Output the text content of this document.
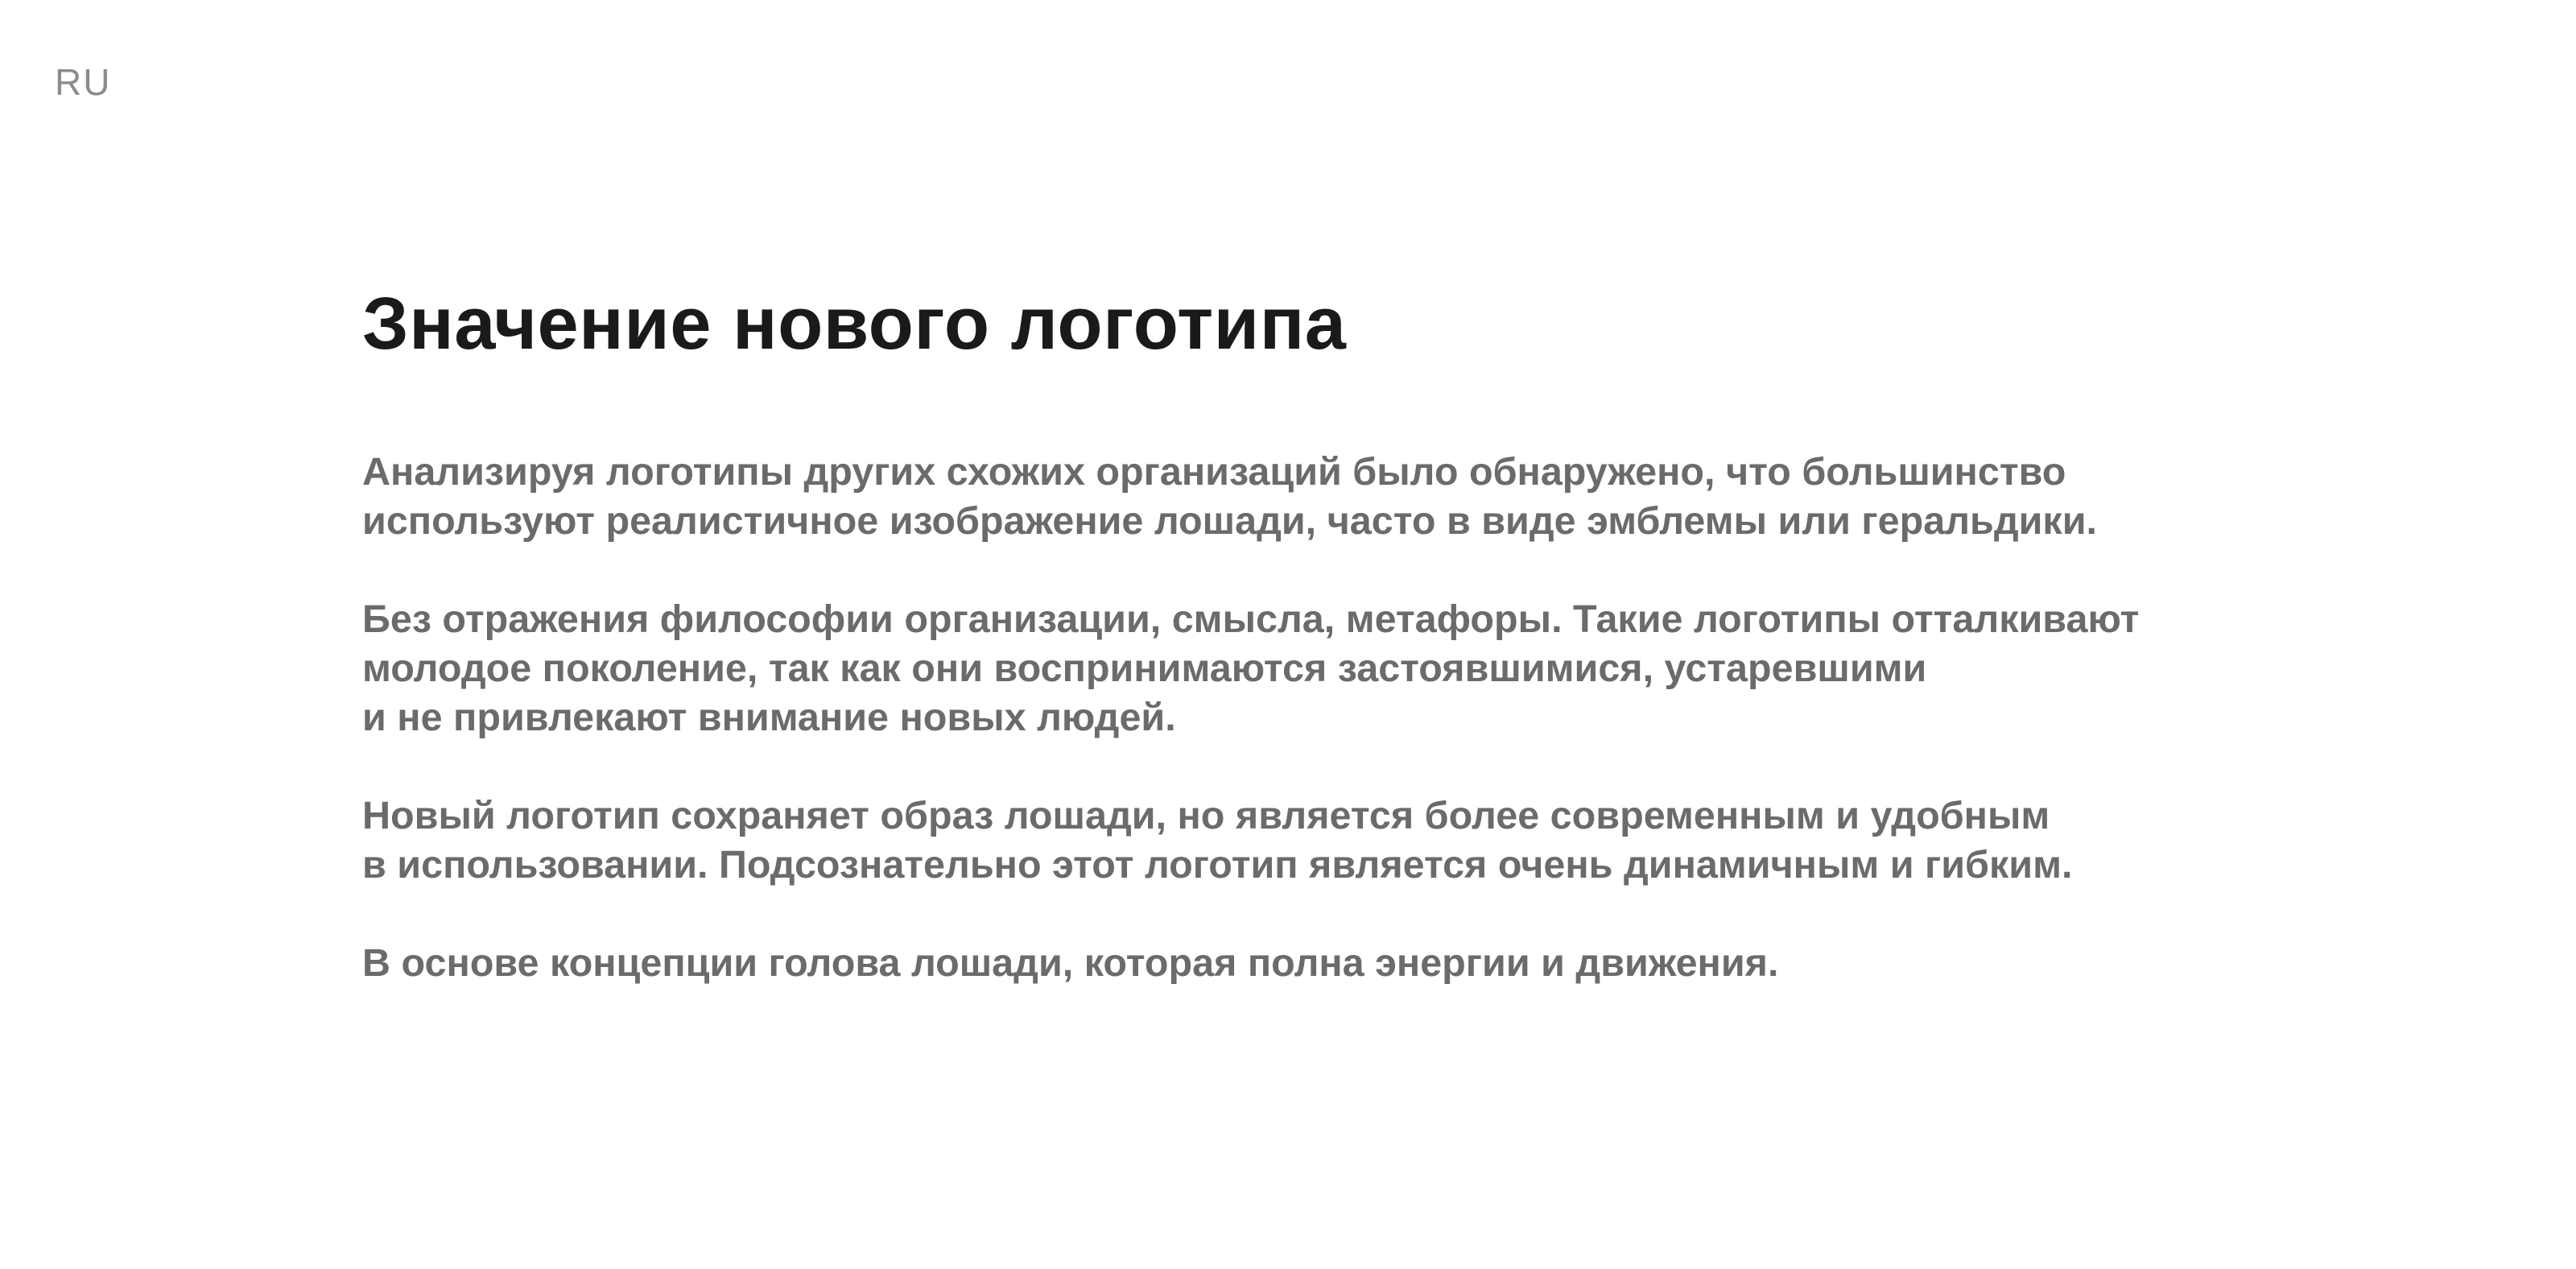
RU
Значение нового логотипа

Анализируя логотипы других схожих организаций было обнаружено, что большинство
используют реалистичное изображение лошади, часто в виде эмблемы или геральдики.

Без отражения философии организации, смысла, метафоры. Такие логотипы отталкивают
молодое поколение, так как они воспринимаются застоявшимися, устаревшими
и не привлекают внимание новых людей.

Новый логотип сохраняет образ лошади, но является более современным и удобным
в использовании. Подсознательно этот логотип является очень динамичным и гибким.

В основе концепции голова лошади, которая полна энергии и движения.
